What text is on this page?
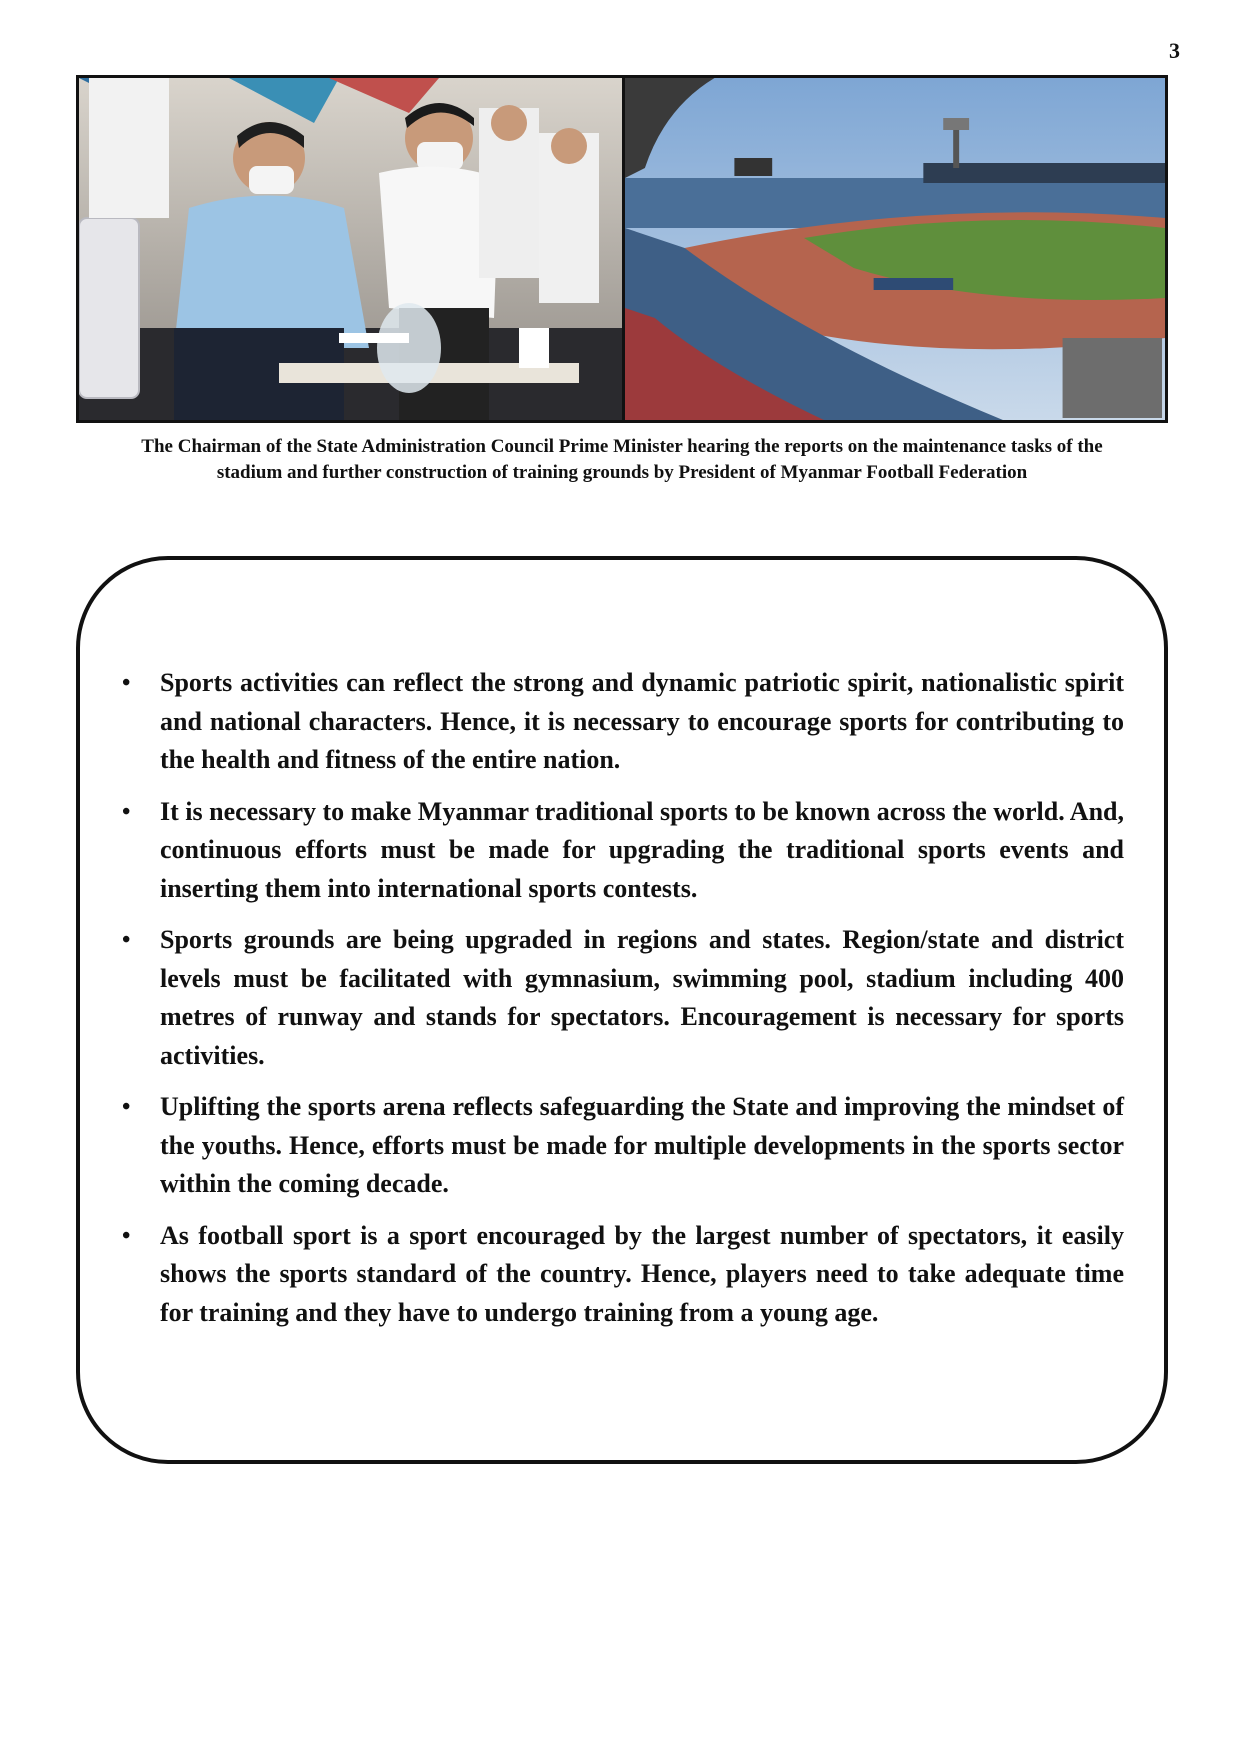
3

The Chairman of the State Administration Council Prime Minister hearing the reports on the maintenance tasks of the
stadium and further construction of training grounds by President of Myanmar Football Federation

• Sports activities can reflect the strong and dynamic patriotic spirit, nationalistic spirit and national characters. Hence, it is necessary to encourage sports for contributing to the health and fitness of the entire nation.
• It is necessary to make Myanmar traditional sports to be known across the world. And, continuous efforts must be made for upgrading the traditional sports events and inserting them into international sports contests.
• Sports grounds are being upgraded in regions and states. Region/state and district levels must be facilitated with gymnasium, swimming pool, stadium including 400 metres of runway and stands for spectators. Encouragement is necessary for sports activities.
• Uplifting the sports arena reflects safeguarding the State and improving the mindset of the youths. Hence, efforts must be made for multiple developments in the sports sector within the coming decade.
• As football sport is a sport encouraged by the largest number of spectators, it easily shows the sports standard of the country. Hence, players need to take adequate time for training and they have to undergo training from a young age.
